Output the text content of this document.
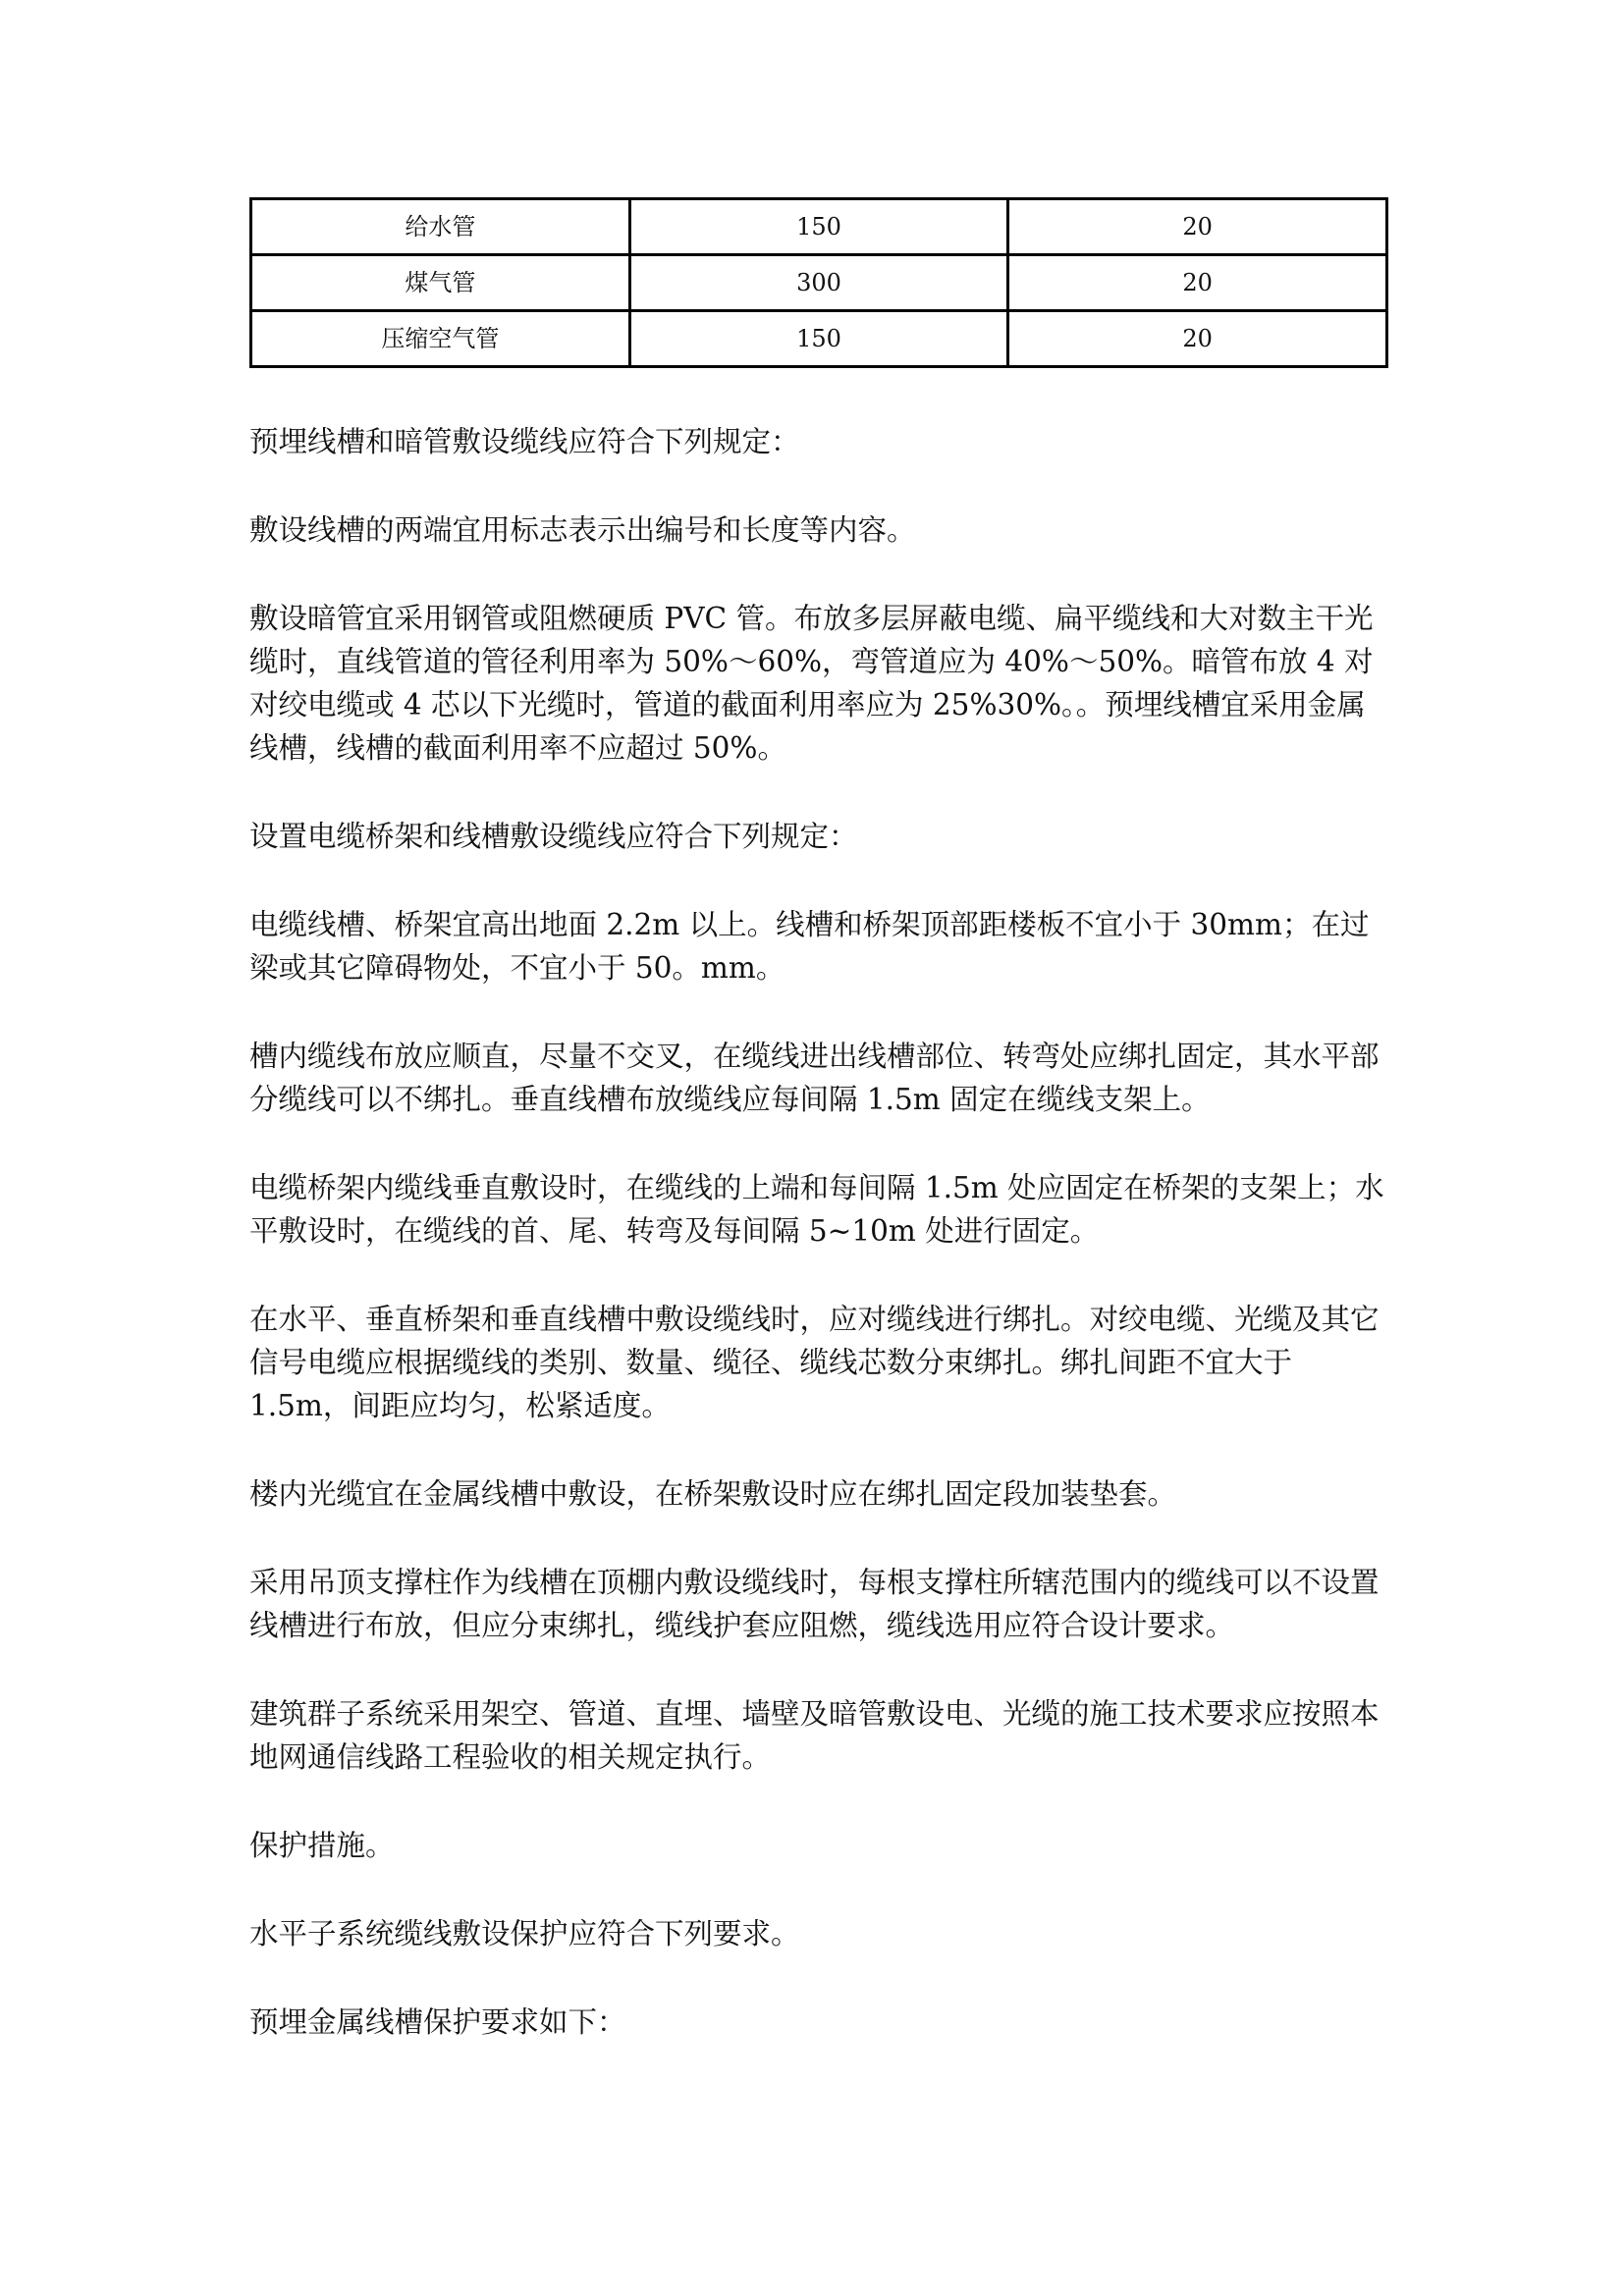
给水管	150	20
煤气管	300	20
压缩空气管	150	20

预埋线槽和暗管敷设缆线应符合下列规定：

敷设线槽的两端宜用标志表示出编号和长度等内容。

敷设暗管宜采用钢管或阻燃硬质 PVC 管。布放多层屏蔽电缆、扁平缆线和大对数主干光缆时，直线管道的管径利用率为 50%～60%，弯管道应为 40%～50%。暗管布放 4 对对绞电缆或 4 芯以下光缆时，管道的截面利用率应为 25%30%。。预埋线槽宜采用金属线槽，线槽的截面利用率不应超过 50%。

设置电缆桥架和线槽敷设缆线应符合下列规定：

电缆线槽、桥架宜高出地面 2.2m 以上。线槽和桥架顶部距楼板不宜小于 30mm；在过梁或其它障碍物处，不宜小于 50。mm。

槽内缆线布放应顺直，尽量不交叉，在缆线进出线槽部位、转弯处应绑扎固定，其水平部分缆线可以不绑扎。垂直线槽布放缆线应每间隔 1.5m 固定在缆线支架上。

电缆桥架内缆线垂直敷设时，在缆线的上端和每间隔 1.5m 处应固定在桥架的支架上；水平敷设时，在缆线的首、尾、转弯及每间隔 5~10m 处进行固定。

在水平、垂直桥架和垂直线槽中敷设缆线时，应对缆线进行绑扎。对绞电缆、光缆及其它信号电缆应根据缆线的类别、数量、缆径、缆线芯数分束绑扎。绑扎间距不宜大于 1.5m，间距应均匀，松紧适度。

楼内光缆宜在金属线槽中敷设，在桥架敷设时应在绑扎固定段加装垫套。

采用吊顶支撑柱作为线槽在顶棚内敷设缆线时，每根支撑柱所辖范围内的缆线可以不设置线槽进行布放，但应分束绑扎，缆线护套应阻燃，缆线选用应符合设计要求。

建筑群子系统采用架空、管道、直埋、墙壁及暗管敷设电、光缆的施工技术要求应按照本地网通信线路工程验收的相关规定执行。

保护措施。

水平子系统缆线敷设保护应符合下列要求。

预埋金属线槽保护要求如下：
